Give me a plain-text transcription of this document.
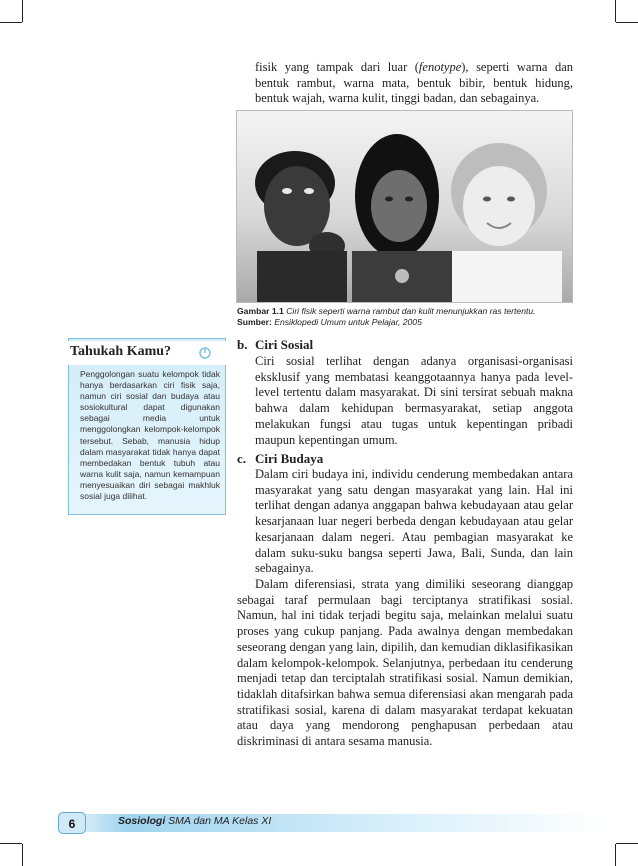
fisik yang tampak dari luar (fenotype), seperti warna dan bentuk rambut, warna mata, bentuk bibir, bentuk hidung, bentuk wajah, warna kulit, tinggi badan, dan sebagainya.
Gambar 1.1 Ciri fisik seperti warna rambut dan kulit menunjukkan ras tertentu.
Sumber: Ensiklopedi Umum untuk Pelajar, 2005
Tahukah Kamu?
Penggolongan suatu kelompok tidak hanya berdasarkan ciri fisik saja, namun ciri sosial dan budaya atau sosiokultural dapat digunakan sebagai media untuk menggolongkan kelompok-kelompok tersebut. Sebab, manusia hidup dalam masyarakat tidak hanya dapat membedakan bentuk tubuh atau warna kulit saja, namun kemampuan menyesuaikan diri sebagai makhluk sosial juga dilihat.
b. Ciri Sosial
Ciri sosial terlihat dengan adanya organisasi-organisasi eksklusif yang membatasi keanggotaannya hanya pada level-level tertentu dalam masyarakat. Di sini tersirat sebuah makna bahwa dalam kehidupan bermasyarakat, setiap anggota melakukan fungsi atau tugas untuk kepentingan pribadi maupun kepentingan umum.
c. Ciri Budaya
Dalam ciri budaya ini, individu cenderung membedakan antara masyarakat yang satu dengan masyarakat yang lain. Hal ini terlihat dengan adanya anggapan bahwa kebudayaan atau gelar kesarjanaan luar negeri berbeda dengan kebudayaan atau gelar kesarjanaan dalam negeri. Atau pembagian masyarakat ke dalam suku-suku bangsa seperti Jawa, Bali, Sunda, dan lain sebagainya.
Dalam diferensiasi, strata yang dimiliki seseorang dianggap sebagai taraf permulaan bagi terciptanya stratifikasi sosial. Namun, hal ini tidak terjadi begitu saja, melainkan melalui suatu proses yang cukup panjang. Pada awalnya dengan membedakan seseorang dengan yang lain, dipilih, dan kemudian diklasifikasikan dalam kelompok-kelompok. Selanjutnya, perbedaan itu cenderung menjadi tetap dan terciptalah stratifikasi sosial. Namun demikian, tidaklah ditafsirkan bahwa semua diferensiasi akan mengarah pada stratifikasi sosial, karena di dalam masyarakat terdapat kekuatan atau daya yang mendorong penghapusan perbedaan atau diskriminasi di antara sesama manusia.
6	Sosiologi SMA dan MA Kelas XI
